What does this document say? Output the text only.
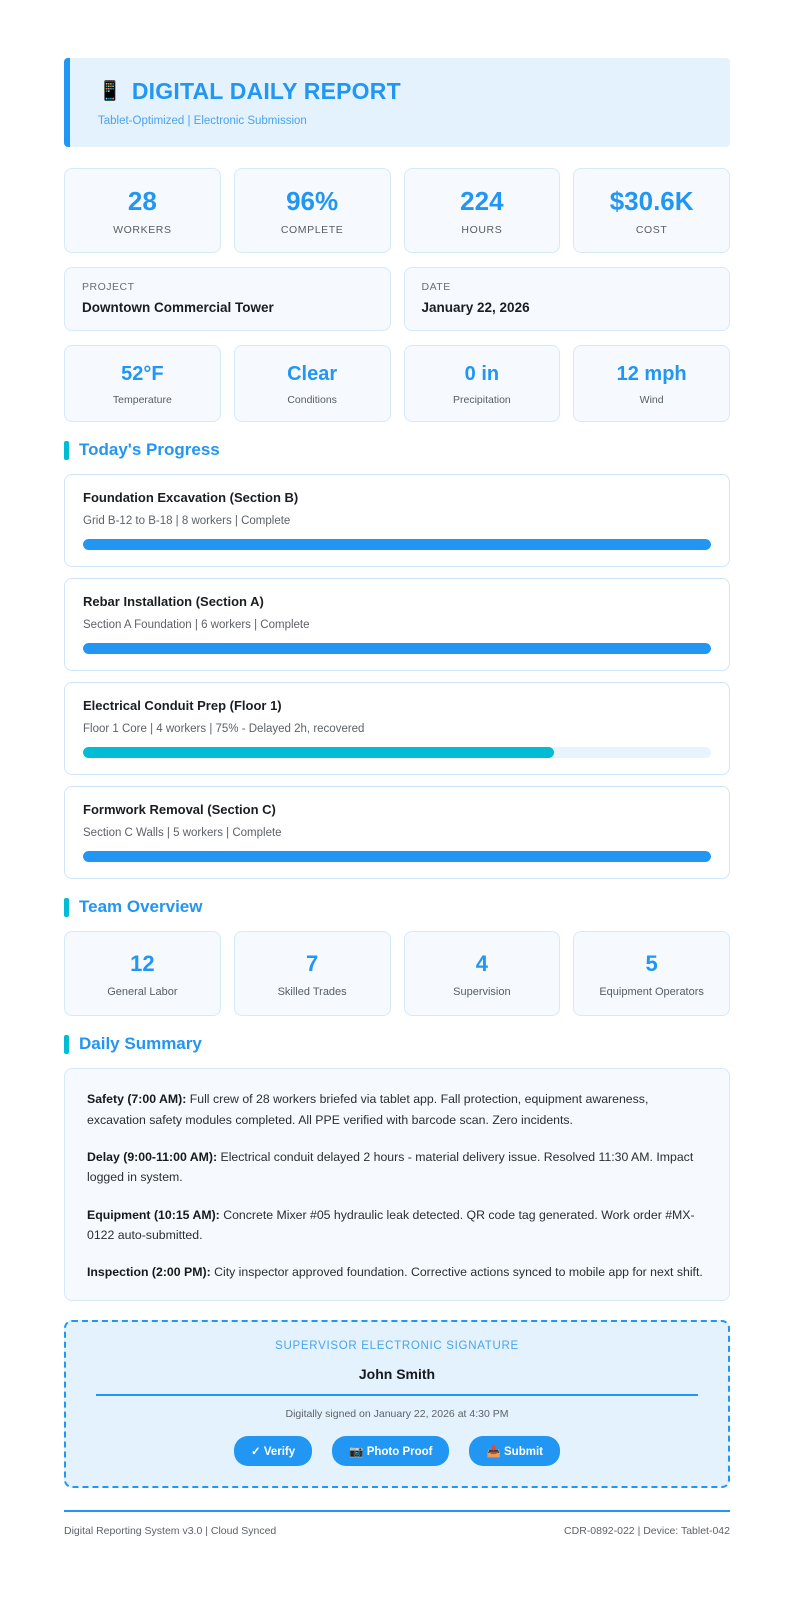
📱 DIGITAL DAILY REPORT
Tablet-Optimized | Electronic Submission
28
WORKERS
96%
COMPLETE
224
HOURS
$30.6K
COST
PROJECT
Downtown Commercial Tower
DATE
January 22, 2026
52°F
Temperature
Clear
Conditions
0 in
Precipitation
12 mph
Wind
Today's Progress
Foundation Excavation (Section B)
Grid B-12 to B-18 | 8 workers | Complete
Rebar Installation (Section A)
Section A Foundation | 6 workers | Complete
Electrical Conduit Prep (Floor 1)
Floor 1 Core | 4 workers | 75% - Delayed 2h, recovered
Formwork Removal (Section C)
Section C Walls | 5 workers | Complete
Team Overview
12
General Labor
7
Skilled Trades
4
Supervision
5
Equipment Operators
Daily Summary

Safety (7:00 AM): Full crew of 28 workers briefed via tablet app. Fall protection, equipment awareness, excavation safety modules completed. All PPE verified with barcode scan. Zero incidents.

Delay (9:00-11:00 AM): Electrical conduit delayed 2 hours - material delivery issue. Resolved 11:30 AM. Impact logged in system.

Equipment (10:15 AM): Concrete Mixer #05 hydraulic leak detected. QR code tag generated. Work order #MX-0122 auto-submitted.

Inspection (2:00 PM): City inspector approved foundation. Corrective actions synced to mobile app for next shift.

SUPERVISOR ELECTRONIC SIGNATURE
John Smith
Digitally signed on January 22, 2026 at 4:30 PM
✓ Verify	📷 Photo Proof	📥 Submit
Digital Reporting System v3.0 | Cloud Synced	CDR-0892-022 | Device: Tablet-042
